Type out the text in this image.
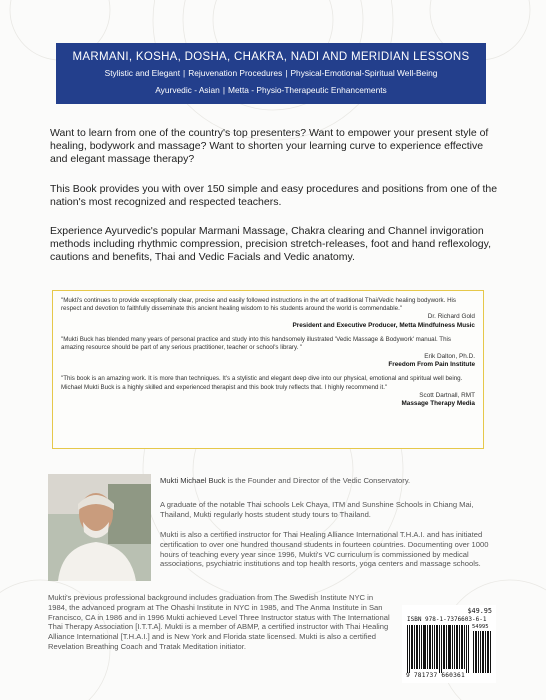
MARMANI, KOSHA, DOSHA, CHAKRA, NADI AND MERIDIAN LESSONS
Stylistic and Elegant | Rejuvenation Procedures | Physical-Emotional-Spiritual Well-Being
Ayurvedic - Asian | Metta - Physio-Therapeutic Enhancements

Want to learn from one of the country's top presenters? Want to empower your present style of healing, bodywork and massage? Want to shorten your learning curve to experience effective and elegant massage therapy?

This Book provides you with over 150 simple and easy procedures and positions from one of the nation's most recognized and respected teachers.

Experience Ayurvedic's popular Marmani Massage, Chakra clearing and Channel invigoration methods including rhythmic compression, precision stretch-releases, foot and hand reflexology, cautions and benefits, Thai and Vedic Facials and Vedic anatomy.

"Mukti's continues to provide exceptionally clear, precise and easily followed instructions in the art of traditional Thai/Vedic healing bodywork. His respect and devotion to faithfully disseminate this ancient healing wisdom to his students around the world is commendable."

Dr. Richard Gold

President and Executive Producer, Metta Mindfulness Music

"Mukti Buck has blended many years of personal practice and study into this handsomely illustrated 'Vedic Massage & Bodywork' manual. This amazing resource should be part of any serious practitioner, teacher or school's library. "

Erik Dalton, Ph.D.

Freedom From Pain Institute

"This book is an amazing work. It is more than techniques. It's a stylistic and elegant deep dive into our physical, emotional and spiritual well being. Michael Mukti Buck is a highly skilled and experienced therapist and this book truly reflects that. I highly recommend it."

Scott Dartnall, RMT

Massage Therapy Media

Mukti Michael Buck is the Founder and Director of the Vedic Conservatory.

A graduate of the notable Thai schools Lek Chaya, ITM and Sunshine Schools in Chiang Mai, Thailand, Mukti regularly hosts student study tours to Thailand.

Mukti is also a certified instructor for Thai Healing Alliance International T.H.A.I. and has initiated certification to over one hundred thousand students in fourteen countries. Documenting over 1000 hours of teaching every year since 1996, Mukti's VC curriculum is commissioned by medical associations, psychiatric institutions and top health resorts, yoga centers and massage schools.

Mukti's previous professional background includes graduation from The Swedish Institute NYC in 1984, the advanced program at The Ohashi Institute in NYC in 1985, and The Anma Institute in San Francisco, CA in 1986 and in 1996 Mukti achieved Level Three Instructor status with The International Thai Therapy Association [I.T.T.A]. Mukti is a member of ABMP, a certified instructor with Thai Healing Alliance International [T.H.A.I.] and is New York and Florida state licensed. Mukti is also a certified Revelation Breathing Coach and Tratak Meditation initiator.

$49.95
ISBN 978-1-7376603-6-1
54995
9 781737 660361
